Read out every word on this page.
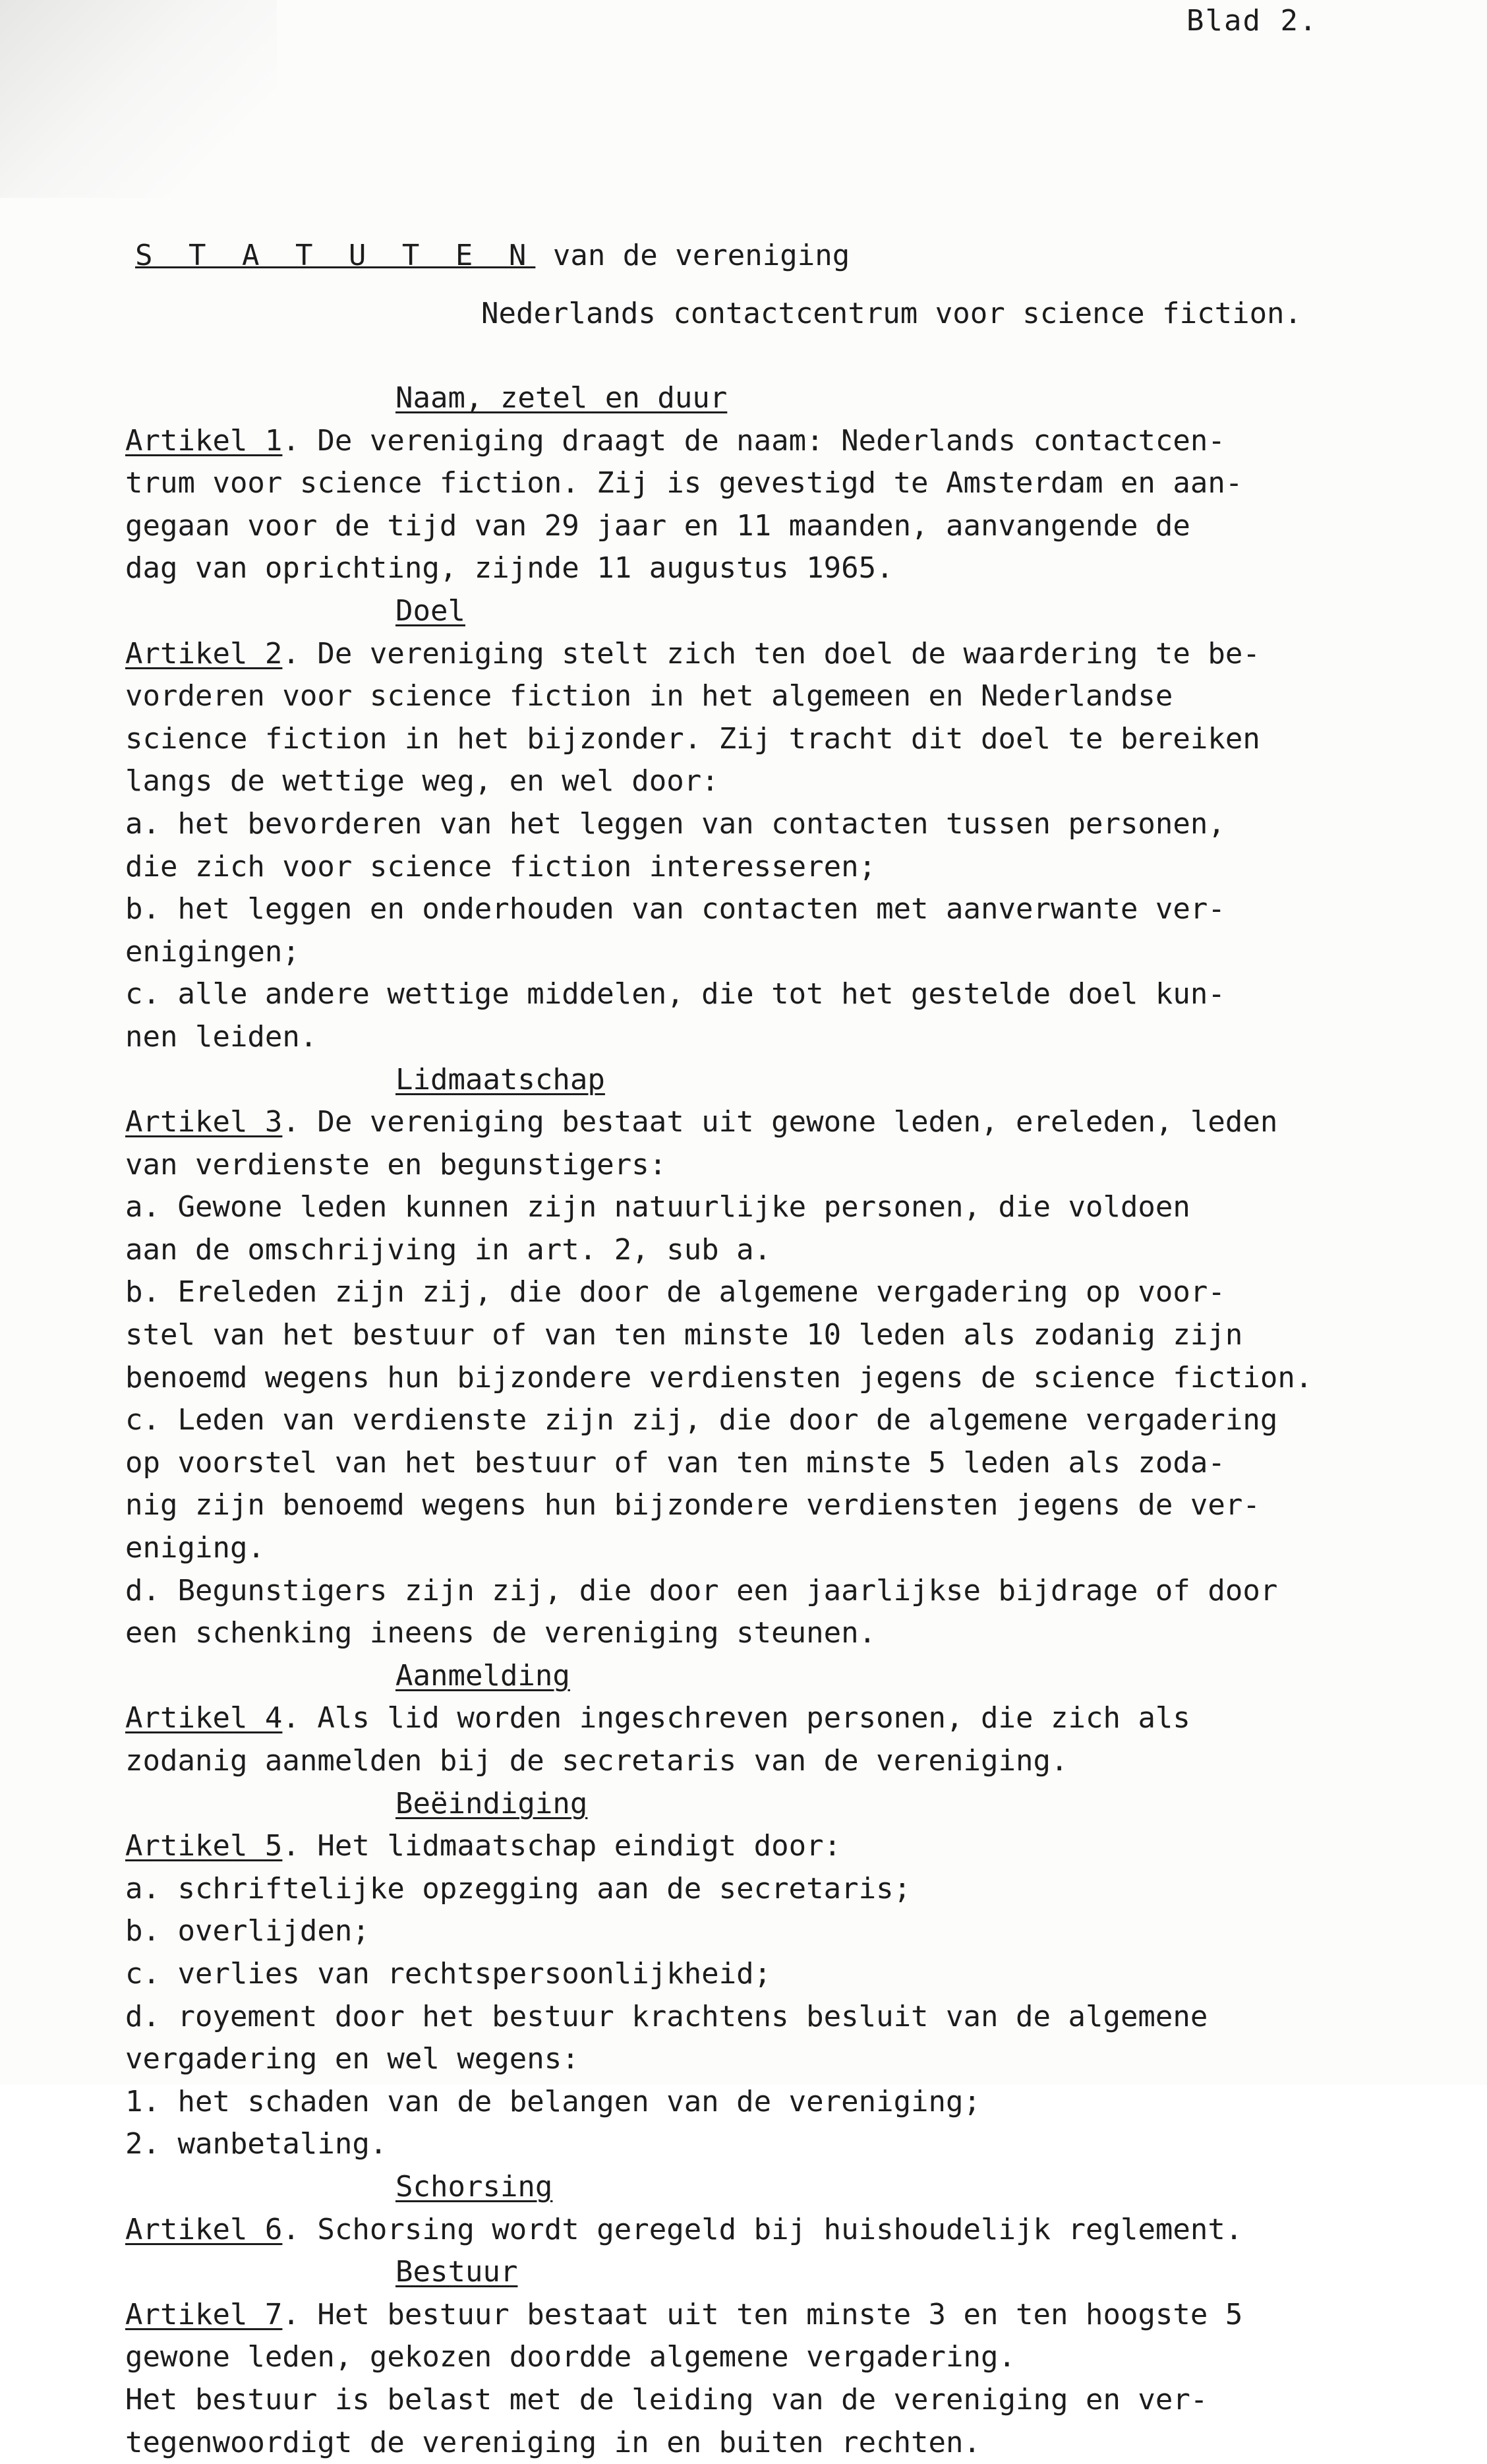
Blad 2.
S T A T U T E N van de vereniging
Nederlands contactcentrum voor science fiction.
Naam, zetel en duur
Artikel 1. De vereniging draagt de naam: Nederlands contactcen-
trum voor science fiction. Zij is gevestigd te Amsterdam en aan-
gegaan voor de tijd van 29 jaar en 11 maanden, aanvangende de
dag van oprichting, zijnde 11 augustus 1965.
Doel
Artikel 2. De vereniging stelt zich ten doel de waardering te be-
vorderen voor science fiction in het algemeen en Nederlandse
science fiction in het bijzonder. Zij tracht dit doel te bereiken
langs de wettige weg, en wel door:
a. het bevorderen van het leggen van contacten tussen personen,
die zich voor science fiction interesseren;
b. het leggen en onderhouden van contacten met aanverwante ver-
enigingen;
c. alle andere wettige middelen, die tot het gestelde doel kun-
nen leiden.
Lidmaatschap
Artikel 3. De vereniging bestaat uit gewone leden, ereleden, leden
van verdienste en begunstigers:
a. Gewone leden kunnen zijn natuurlijke personen, die voldoen
aan de omschrijving in art. 2, sub a.
b. Ereleden zijn zij, die door de algemene vergadering op voor-
stel van het bestuur of van ten minste 10 leden als zodanig zijn
benoemd wegens hun bijzondere verdiensten jegens de science fiction.
c. Leden van verdienste zijn zij, die door de algemene vergadering
op voorstel van het bestuur of van ten minste 5 leden als zoda-
nig zijn benoemd wegens hun bijzondere verdiensten jegens de ver-
eniging.
d. Begunstigers zijn zij, die door een jaarlijkse bijdrage of door
een schenking ineens de vereniging steunen.
Aanmelding
Artikel 4. Als lid worden ingeschreven personen, die zich als
zodanig aanmelden bij de secretaris van de vereniging.
Beëindiging
Artikel 5. Het lidmaatschap eindigt door:
a. schriftelijke opzegging aan de secretaris;
b. overlijden;
c. verlies van rechtspersoonlijkheid;
d. royement door het bestuur krachtens besluit van de algemene
vergadering en wel wegens:
1. het schaden van de belangen van de vereniging;
2. wanbetaling.
Schorsing
Artikel 6. Schorsing wordt geregeld bij huishoudelijk reglement.
Bestuur
Artikel 7. Het bestuur bestaat uit ten minste 3 en ten hoogste 5
gewone leden, gekozen doordde algemene vergadering.
Het bestuur is belast met de leiding van de vereniging en ver-
tegenwoordigt de vereniging in en buiten rechten.
